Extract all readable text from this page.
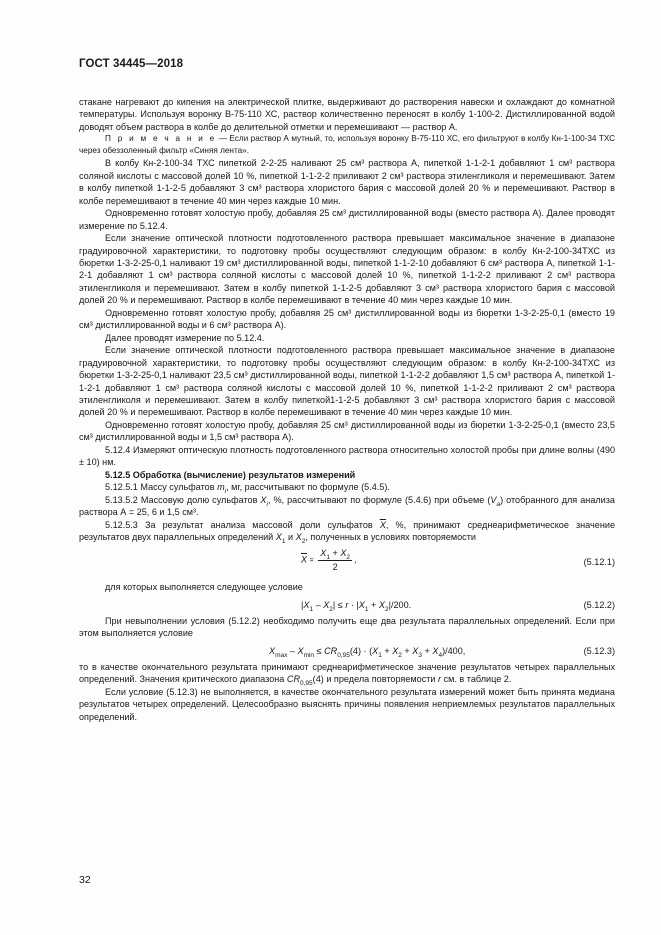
ГОСТ 34445—2018

стакане нагревают до кипения на электрической плитке, выдерживают до растворения навески и охлаждают до комнатной температуры. Используя воронку В-75-110 ХС, раствор количественно переносят в колбу 1-100-2. Дистиллированной водой доводят объем раствора в колбе до делительной отметки и перемешивают — раствор А.

П р и м е ч а н и е — Если раствор А мутный, то, используя воронку В-75-110 ХС, его фильтруют в колбу Кн-1-100-34 ТХС через обеззоленный фильтр «Синяя лента».

В колбу Кн-2-100-34 ТХС пипеткой 2-2-25 наливают 25 см³ раствора А, пипеткой 1-1-2-1 добавляют 1 см³ раствора соляной кислоты с массовой долей 10 %, пипеткой 1-1-2-2 приливают 2 см³ раствора этиленгликоля и перемешивают. Затем в колбу пипеткой 1-1-2-5 добавляют 3 см³ раствора хлористого бария с массовой долей 20 % и перемешивают. Раствор в колбе перемешивают в течение 40 мин через каждые 10 мин.

Одновременно готовят холостую пробу, добавляя 25 см³ дистиллированной воды (вместо раствора А). Далее проводят измерение по 5.12.4.

Если значение оптической плотности подготовленного раствора превышает максимальное значение в диапазоне градуировочной характеристики, то подготовку пробы осуществляют следующим образом: в колбу Кн-2-100-34ТХС из бюретки 1-3-2-25-0,1 наливают 19 см³ дистиллированной воды, пипеткой 1-1-2-10 добавляют 6 см³ раствора А, пипеткой 1-1-2-1 добавляют 1 см³ раствора соляной кислоты с массовой долей 10 %, пипеткой 1-1-2-2 приливают 2 см³ раствора этиленгликоля и перемешивают. Затем в колбу пипеткой 1-1-2-5 добавляют 3 см³ раствора хлористого бария с массовой долей 20 % и перемешивают. Раствор в колбе перемешивают в течение 40 мин через каждые 10 мин.

Одновременно готовят холостую пробу, добавляя 25 см³ дистиллированной воды из бюретки 1-3-2-25-0,1 (вместо 19 см³ дистиллированной воды и 6 см³ раствора А).

Далее проводят измерение по 5.12.4.

Если значение оптической плотности подготовленного раствора превышает максимальное значение в диапазоне градуировочной характеристики, то подготовку пробы осуществляют следующим образом: в колбу Кн-2-100-34ТХС из бюретки 1-3-2-25-0,1 наливают 23,5 см³ дистиллированной воды, пипеткой 1-1-2-2 добавляют 1,5 см³ раствора А, пипеткой 1-1-2-1 добавляют 1 см³ раствора соляной кислоты с массовой долей 10 %, пипеткой 1-1-2-2 приливают 2 см³ раствора этиленгликоля и перемешивают. Затем в колбу пипеткой1-1-2-5 добавляют 3 см³ раствора хлористого бария с массовой долей 20 % и перемешивают. Раствор в колбе перемешивают в течение 40 мин через каждые 10 мин.

Одновременно готовят холостую пробу, добавляя 25 см³ дистиллированной воды из бюретки 1-3-2-25-0,1 (вместо 23,5 см³ дистиллированной воды и 1,5 см³ раствора А).

5.12.4 Измеряют оптическую плотность подготовленного раствора относительно холостой пробы при длине волны (490 ± 10) нм.

5.12.5 Обработка (вычисление) результатов измерений

5.12.5.1 Массу сульфатов $m_i$, мг, рассчитывают по формуле (5.4.5).

5.13.5.2 Массовую долю сульфатов $X_i$, %, рассчитывают по формуле (5.4.6) при объеме $(V_a)$ отобранного для анализа раствора А = 25, 6 и 1,5 см³.

5.12.5.3 За результат анализа массовой доли сульфатов $\overline{X}$, %, принимают среднеарифметическое значение результатов двух параллельных определений $X_1$ и $X_2$, полученных в условиях повторяемости

$\overline{X} = \frac{X_1 + X_2}{2}$ ,	(5.12.1)

для которых выполняется следующее условие

$|X_1 - X_2| \le r \cdot |X_1 + X_2|/200$.	(5.12.2)

При невыполнении условия (5.12.2) необходимо получить еще два результата параллельных определений. Если при этом выполняется условие

$X_{max} - X_{min} \le CR_{0,95}(4) \cdot (X_1 + X_2 + X_3 + X_4)/400$,	(5.12.3)

то в качестве окончательного результата принимают среднеарифметическое значение результатов четырех параллельных определений. Значения критического диапазона $CR_{0,95}(4)$ и предела повторяемости r см. в таблице 2.

Если условие (5.12.3) не выполняется, в качестве окончательного результата измерений может быть принята медиана результатов четырех определений. Целесообразно выяснять причины появления неприемлемых результатов параллельных определений.

32
